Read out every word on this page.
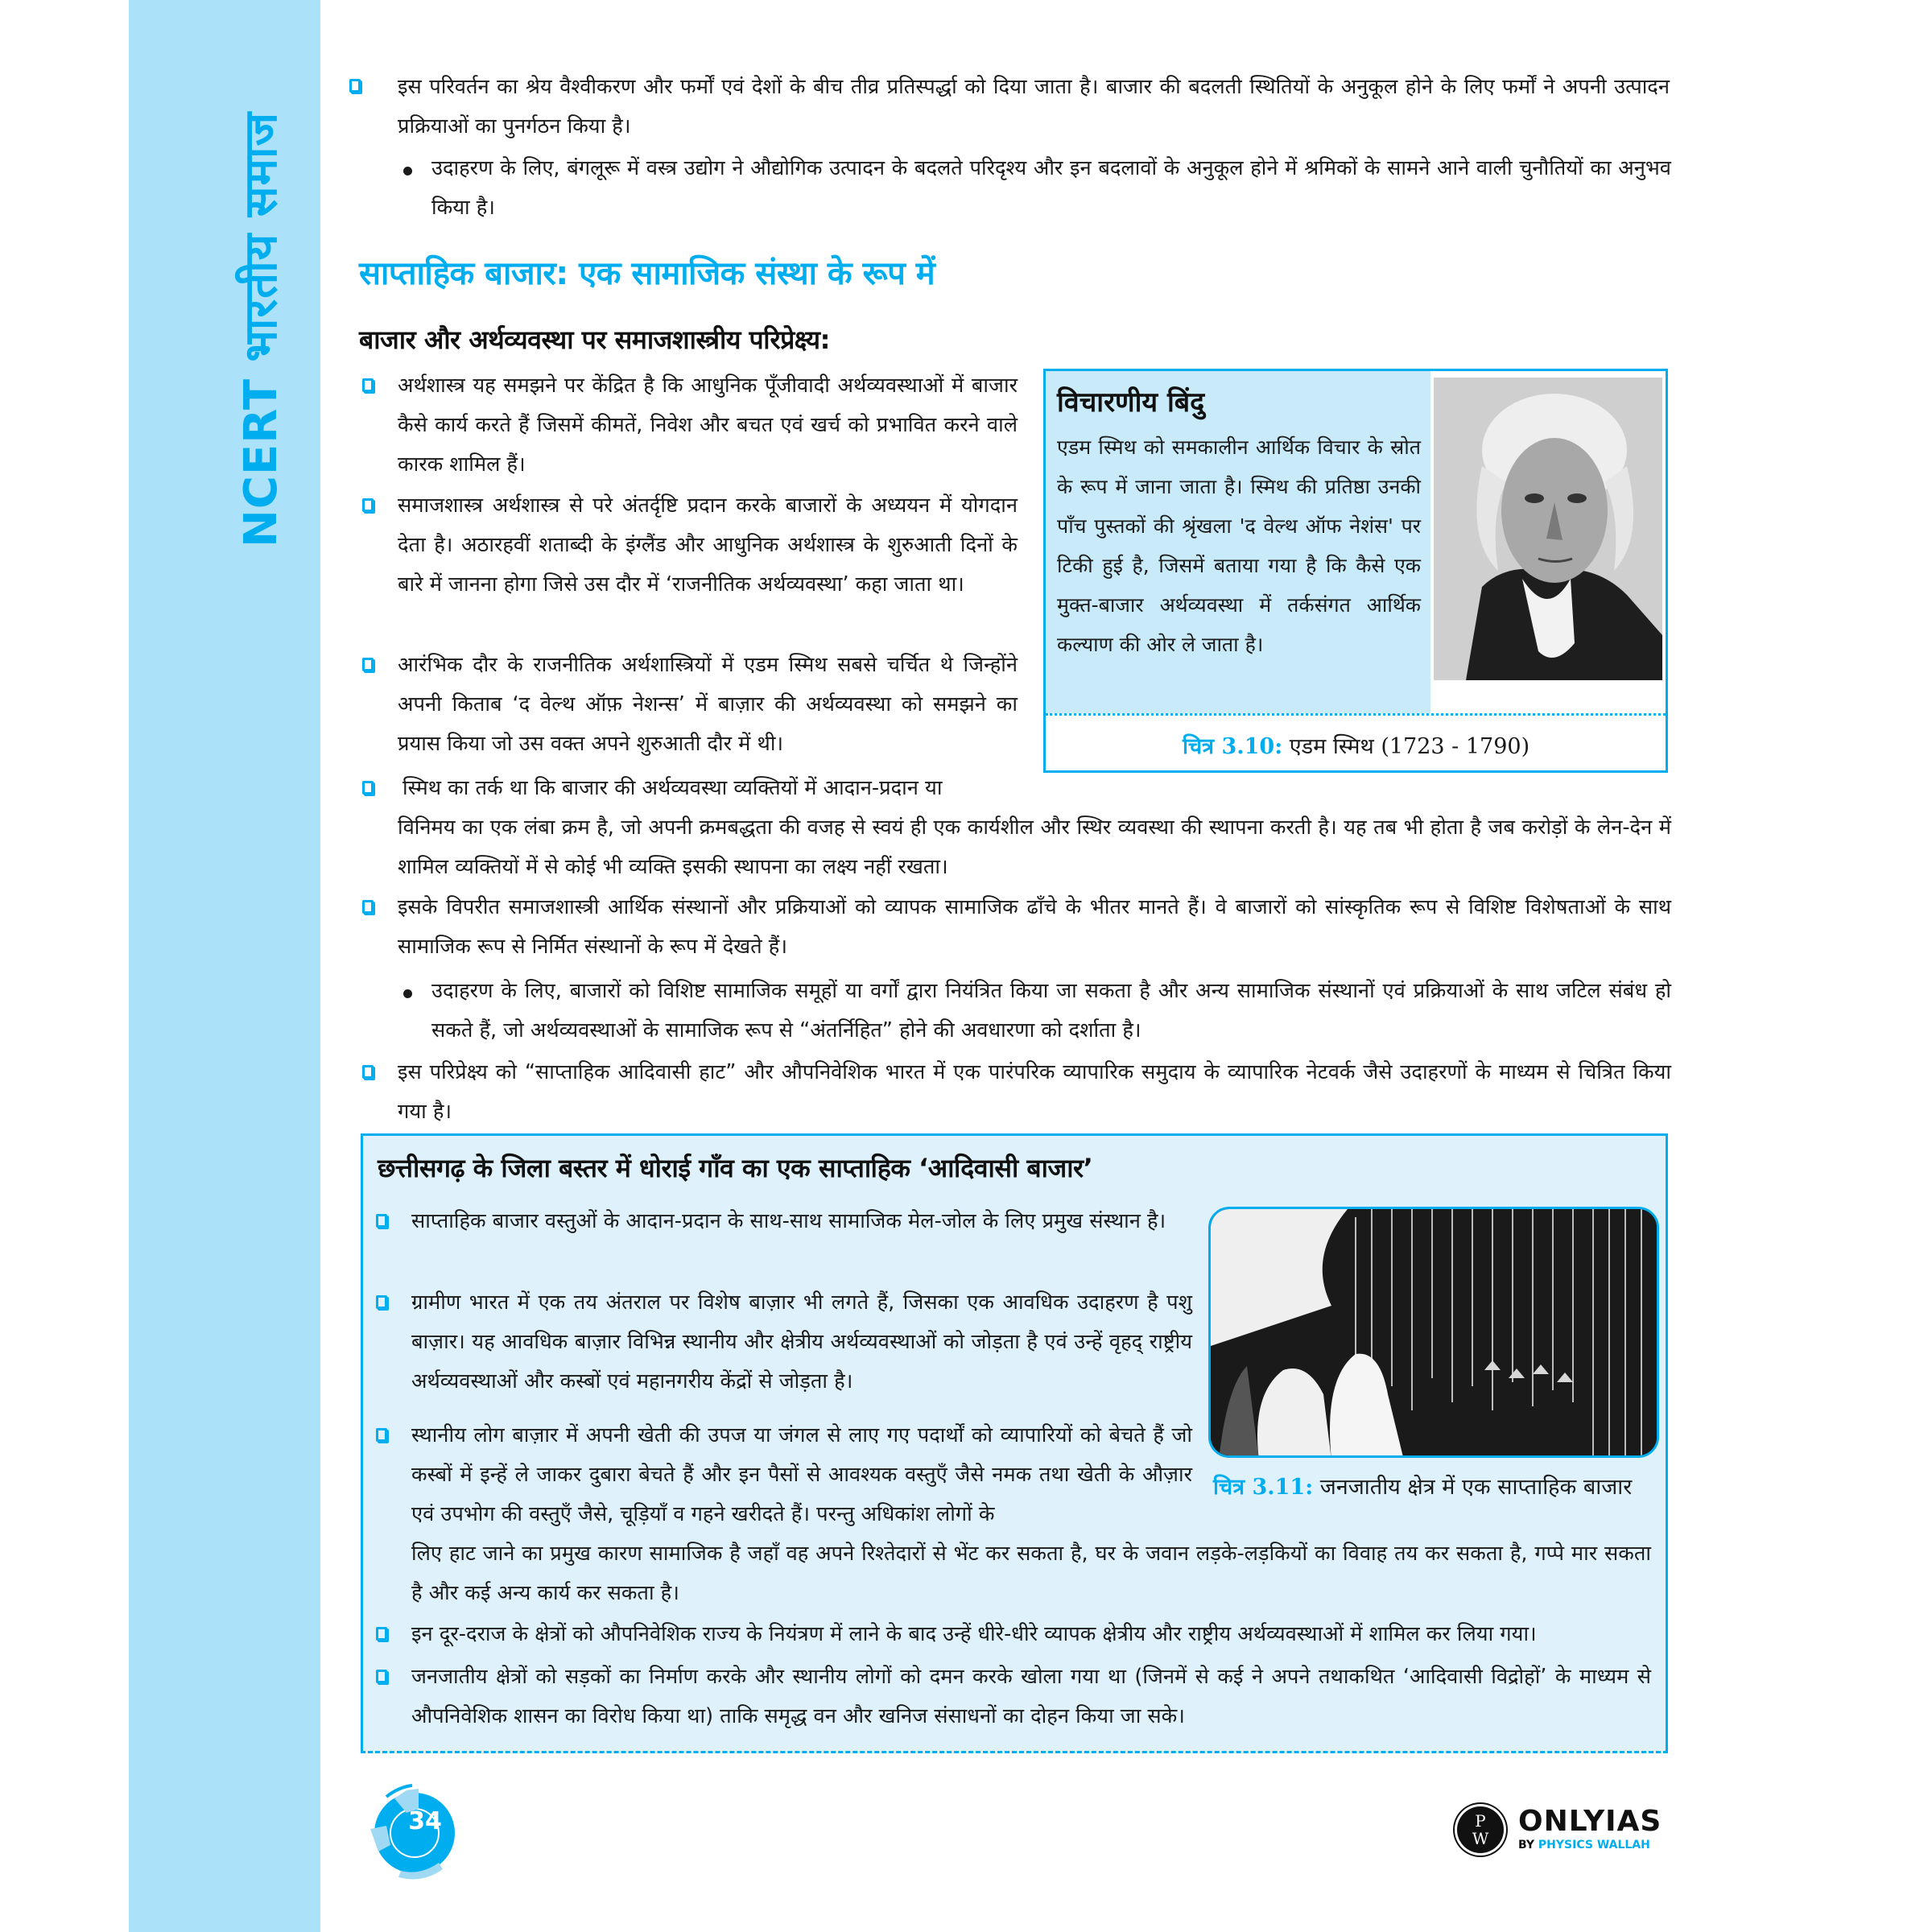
NCERT भारतीय समाज
इस परिवर्तन का श्रेय वैश्वीकरण और फर्मों एवं देशों के बीच तीव्र प्रतिस्पर्द्धा को दिया जाता है। बाजार की बदलती स्थितियों के अनुकूल होने के लिए फर्मों ने अपनी उत्पादन प्रक्रियाओं का पुनर्गठन किया है।
उदाहरण के लिए, बंगलूरू में वस्त्र उद्योग ने औद्योगिक उत्पादन के बदलते परिदृश्य और इन बदलावों के अनुकूल होने में श्रमिकों के सामने आने वाली चुनौतियों का अनुभव किया है।
साप्ताहिक बाजार: एक सामाजिक संस्था के रूप में
बाजार और अर्थव्यवस्था पर समाजशास्त्रीय परिप्रेक्ष्य:
अर्थशास्त्र यह समझने पर केंद्रित है कि आधुनिक पूँजीवादी अर्थव्यवस्थाओं में बाजार कैसे कार्य करते हैं जिसमें कीमतें, निवेश और बचत एवं खर्च को प्रभावित करने वाले कारक शामिल हैं।
समाजशास्त्र अर्थशास्त्र से परे अंतर्दृष्टि प्रदान करके बाजारों के अध्ययन में योगदान देता है। अठारहवीं शताब्दी के इंग्लैंड और आधुनिक अर्थशास्त्र के शुरुआती दिनों के बारे में जानना होगा जिसे उस दौर में ‘राजनीतिक अर्थव्यवस्था’ कहा जाता था।
आरंभिक दौर के राजनीतिक अर्थशास्त्रियों में एडम स्मिथ सबसे चर्चित थे जिन्होंने अपनी किताब ‘द वेल्थ ऑफ़ नेशन्स’ में बाज़ार की अर्थव्यवस्था को समझने का प्रयास किया जो उस वक्त अपने शुरुआती दौर में थी।
विचारणीय बिंदु
एडम स्मिथ को समकालीन आर्थिक विचार के स्रोत के रूप में जाना जाता है। स्मिथ की प्रतिष्ठा उनकी पाँच पुस्तकों की श्रृंखला 'द वेल्थ ऑफ नेशंस' पर टिकी हुई है, जिसमें बताया गया है कि कैसे एक मुक्त-बाजार अर्थव्यवस्था में तर्कसंगत आर्थिक कल्याण की ओर ले जाता है।
चित्र 3.10: एडम स्मिथ (1723 - 1790)
स्मिथ का तर्क था कि बाजार की अर्थव्यवस्था व्यक्तियों में आदान-प्रदान या
विनिमय का एक लंबा क्रम है, जो अपनी क्रमबद्धता की वजह से स्वयं ही एक कार्यशील और स्थिर व्यवस्था की स्थापना करती है। यह तब भी होता है जब करोड़ों के लेन-देन में शामिल व्यक्तियों में से कोई भी व्यक्ति इसकी स्थापना का लक्ष्य नहीं रखता।
इसके विपरीत समाजशास्त्री आर्थिक संस्थानों और प्रक्रियाओं को व्यापक सामाजिक ढाँचे के भीतर मानते हैं। वे बाजारों को सांस्कृतिक रूप से विशिष्ट विशेषताओं के साथ सामाजिक रूप से निर्मित संस्थानों के रूप में देखते हैं।
उदाहरण के लिए, बाजारों को विशिष्ट सामाजिक समूहों या वर्गों द्वारा नियंत्रित किया जा सकता है और अन्य सामाजिक संस्थानों एवं प्रक्रियाओं के साथ जटिल संबंध हो सकते हैं, जो अर्थव्यवस्थाओं के सामाजिक रूप से “अंतर्निहित” होने की अवधारणा को दर्शाता है।
इस परिप्रेक्ष्य को “साप्ताहिक आदिवासी हाट” और औपनिवेशिक भारत में एक पारंपरिक व्यापारिक समुदाय के व्यापारिक नेटवर्क जैसे उदाहरणों के माध्यम से चित्रित किया गया है।
छत्तीसगढ़ के जिला बस्तर में धोराई गाँव का एक साप्ताहिक ‘आदिवासी बाजार’
साप्ताहिक बाजार वस्तुओं के आदान-प्रदान के साथ-साथ सामाजिक मेल-जोल के लिए प्रमुख संस्थान है।
ग्रामीण भारत में एक तय अंतराल पर विशेष बाज़ार भी लगते हैं, जिसका एक आवधिक उदाहरण है पशु बाज़ार। यह आवधिक बाज़ार विभिन्न स्थानीय और क्षेत्रीय अर्थव्यवस्थाओं को जोड़ता है एवं उन्हें वृहद् राष्ट्रीय अर्थव्यवस्थाओं और कस्बों एवं महानगरीय केंद्रों से जोड़ता है।
स्थानीय लोग बाज़ार में अपनी खेती की उपज या जंगल से लाए गए पदार्थों को व्यापारियों को बेचते हैं जो कस्बों में इन्हें ले जाकर दुबारा बेचते हैं और इन पैसों से आवश्यक वस्तुएँ जैसे नमक तथा खेती के औज़ार एवं उपभोग की वस्तुएँ जैसे, चूड़ियाँ व गहने खरीदते हैं। परन्तु अधिकांश लोगों के
लिए हाट जाने का प्रमुख कारण सामाजिक है जहाँ वह अपने रिश्तेदारों से भेंट कर सकता है, घर के जवान लड़के-लड़कियों का विवाह तय कर सकता है, गप्पे मार सकता है और कई अन्य कार्य कर सकता है।
इन दूर-दराज के क्षेत्रों को औपनिवेशिक राज्य के नियंत्रण में लाने के बाद उन्हें धीरे-धीरे व्यापक क्षेत्रीय और राष्ट्रीय अर्थव्यवस्थाओं में शामिल कर लिया गया।
जनजातीय क्षेत्रों को सड़कों का निर्माण करके और स्थानीय लोगों को दमन करके खोला गया था (जिनमें से कई ने अपने तथाकथित ‘आदिवासी विद्रोहों’ के माध्यम से औपनिवेशिक शासन का विरोध किया था) ताकि समृद्ध वन और खनिज संसाधनों का दोहन किया जा सके।
चित्र 3.11: जनजातीय क्षेत्र में एक साप्ताहिक बाजार
34	P
W
ONLYIAS
BY PHYSICS WALLAH
